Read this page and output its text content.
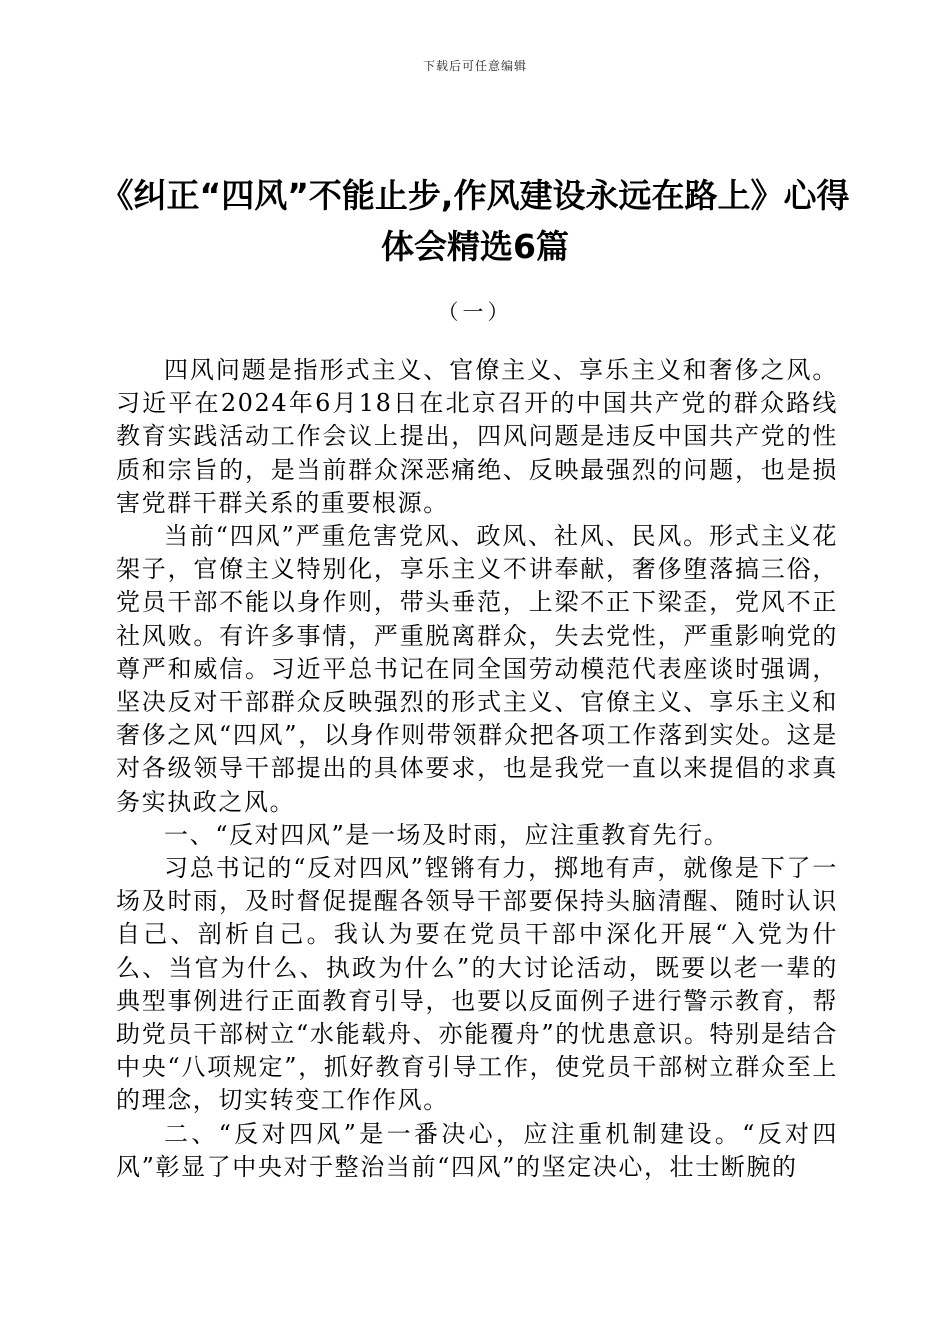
下载后可任意编辑
《纠正“四风”不能止步,作风建设永远在路上》心得体会精选6篇
（一）

四风问题是指形式主义、官僚主义、享乐主义和奢侈之风。习近平在2024年6月18日在北京召开的中国共产党的群众路线教育实践活动工作会议上提出，四风问题是违反中国共产党的性质和宗旨的，是当前群众深恶痛绝、反映最强烈的问题，也是损害党群干群关系的重要根源。

当前“四风”严重危害党风、政风、社风、民风。形式主义花架子，官僚主义特别化，享乐主义不讲奉献，奢侈堕落搞三俗，党员干部不能以身作则，带头垂范，上梁不正下梁歪，党风不正社风败。有许多事情，严重脱离群众，失去党性，严重影响党的尊严和威信。习近平总书记在同全国劳动模范代表座谈时强调，坚决反对干部群众反映强烈的形式主义、官僚主义、享乐主义和奢侈之风“四风”，以身作则带领群众把各项工作落到实处。这是对各级领导干部提出的具体要求，也是我党一直以来提倡的求真务实执政之风。

一、“反对四风”是一场及时雨，应注重教育先行。

习总书记的“反对四风”铿锵有力，掷地有声，就像是下了一场及时雨，及时督促提醒各领导干部要保持头脑清醒、随时认识自己、剖析自己。我认为要在党员干部中深化开展“入党为什么、当官为什么、执政为什么”的大讨论活动，既要以老一辈的典型事例进行正面教育引导，也要以反面例子进行警示教育，帮助党员干部树立“水能载舟、亦能覆舟”的忧患意识。特别是结合中央“八项规定”，抓好教育引导工作，使党员干部树立群众至上的理念，切实转变工作作风。

二、“反对四风”是一番决心，应注重机制建设。“反对四风”彰显了中央对于整治当前“四风”的坚定决心，壮士断腕的
